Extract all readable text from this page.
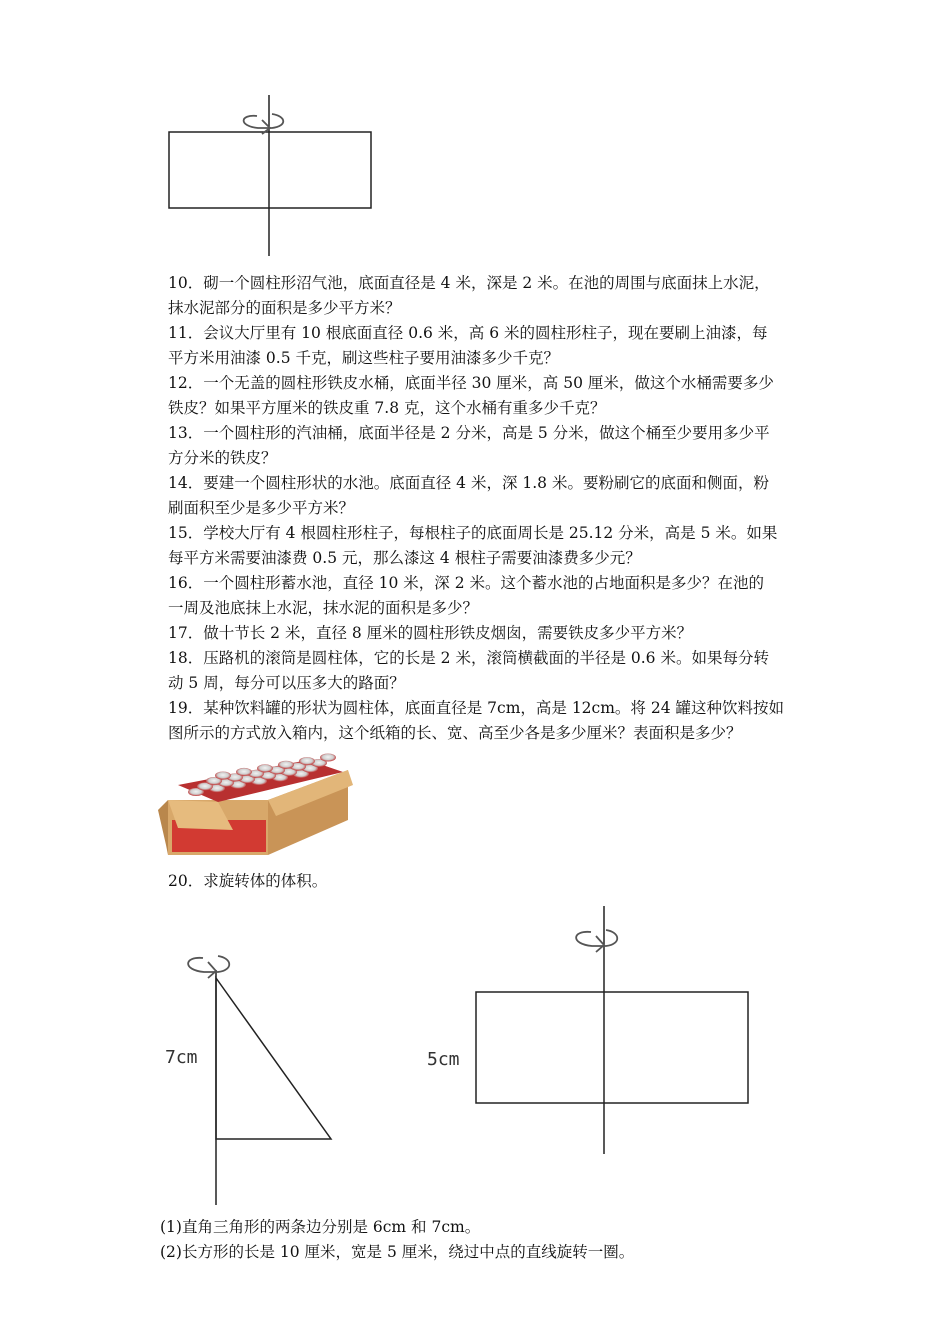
10．砌一个圆柱形沼气池，底面直径是 4 米，深是 2 米。在池的周围与底面抹上水泥，
抹水泥部分的面积是多少平方米？
11．会议大厅里有 10 根底面直径 0.6 米，高 6 米的圆柱形柱子，现在要刷上油漆，每
平方米用油漆 0.5 千克，刷这些柱子要用油漆多少千克？
12．一个无盖的圆柱形铁皮水桶，底面半径 30 厘米，高 50 厘米，做这个水桶需要多少
铁皮？如果平方厘米的铁皮重 7.8 克，这个水桶有重多少千克？
13．一个圆柱形的汽油桶，底面半径是 2 分米，高是 5 分米，做这个桶至少要用多少平
方分米的铁皮？
14．要建一个圆柱形状的水池。底面直径 4 米，深 1.8 米。要粉刷它的底面和侧面，粉
刷面积至少是多少平方米？
15．学校大厅有 4 根圆柱形柱子，每根柱子的底面周长是 25.12 分米，高是 5 米。如果
每平方米需要油漆费 0.5 元，那么漆这 4 根柱子需要油漆费多少元？
16．一个圆柱形蓄水池，直径 10 米，深 2 米。这个蓄水池的占地面积是多少？在池的
一周及池底抹上水泥，抹水泥的面积是多少？
17．做十节长 2 米，直径 8 厘米的圆柱形铁皮烟囱，需要铁皮多少平方米？
18．压路机的滚筒是圆柱体，它的长是 2 米，滚筒横截面的半径是 0.6 米。如果每分转
动 5 周，每分可以压多大的路面？
19．某种饮料罐的形状为圆柱体，底面直径是 7cm，高是 12cm。将 24 罐这种饮料按如
图所示的方式放入箱内，这个纸箱的长、宽、高至少各是多少厘米？表面积是多少？
20．求旋转体的体积。
7cm	5cm
(1)直角三角形的两条边分别是 6cm 和 7cm。
(2)长方形的长是 10 厘米，宽是 5 厘米，绕过中点的直线旋转一圈。
